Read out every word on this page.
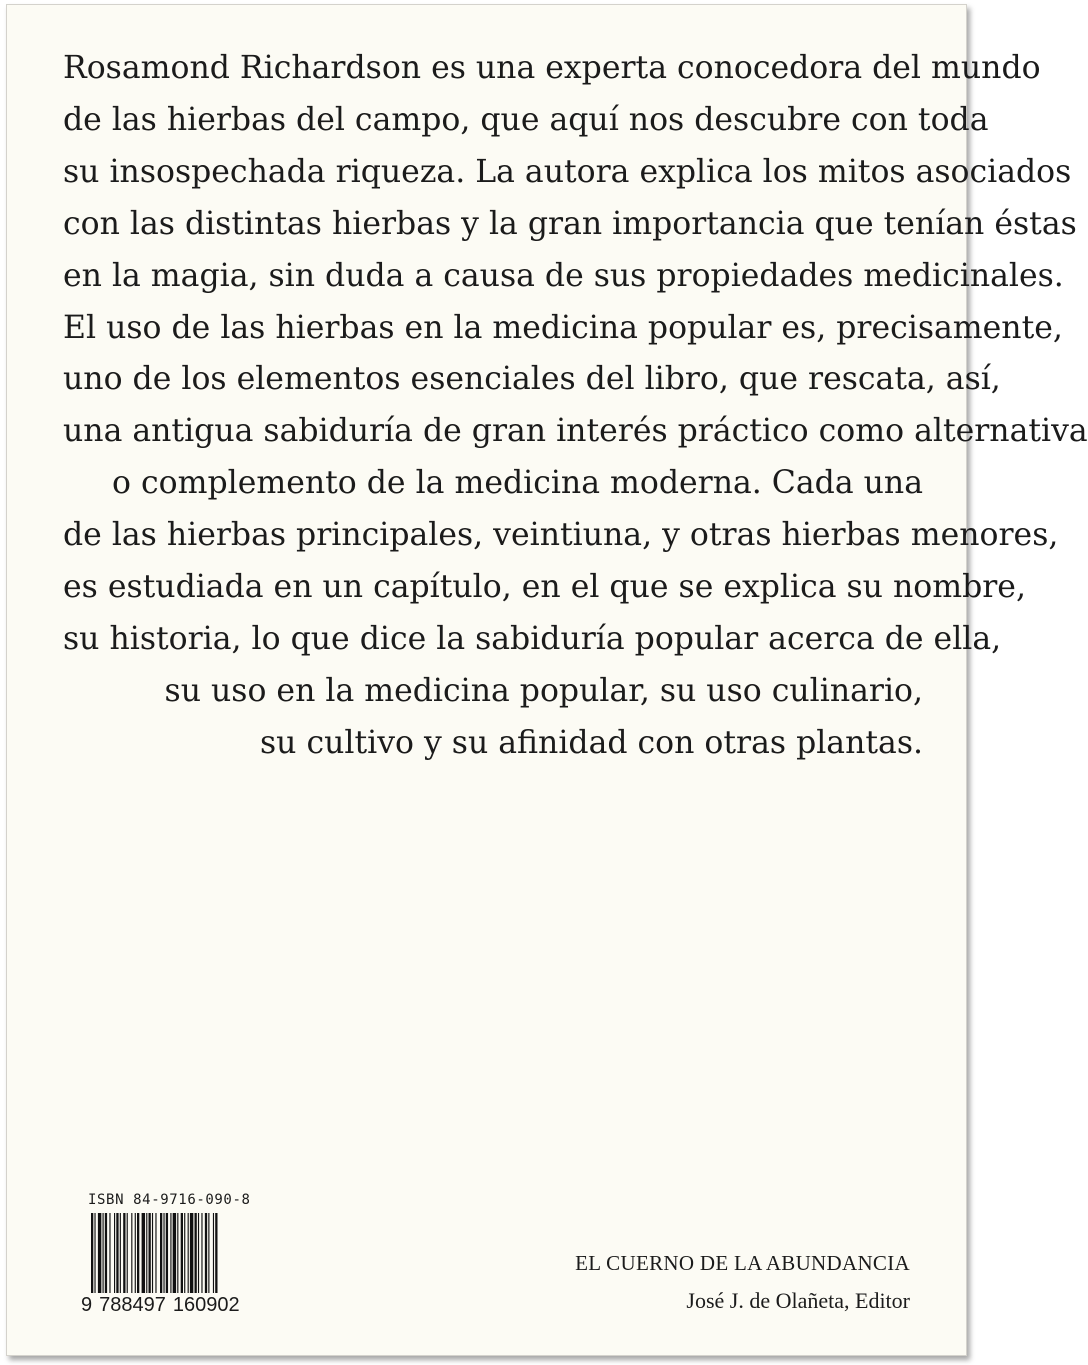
Rosamond Richardson es una experta conocedora del mundo
de las hierbas del campo, que aquí nos descubre con toda
su insospechada riqueza. La autora explica los mitos asociados
con las distintas hierbas y la gran importancia que tenían éstas
en la magia, sin duda a causa de sus propiedades medicinales.
El uso de las hierbas en la medicina popular es, precisamente,
uno de los elementos esenciales del libro, que rescata, así,
una antigua sabiduría de gran interés práctico como alternativa
o complemento de la medicina moderna. Cada una
de las hierbas principales, veintiuna, y otras hierbas menores,
es estudiada en un capítulo, en el que se explica su nombre,
su historia, lo que dice la sabiduría popular acerca de ella,
su uso en la medicina popular, su uso culinario,
su cultivo y su afinidad con otras plantas.

ISBN 84-9716-090-8
9 788497 160902
EL CUERNO DE LA ABUNDANCIA
José J. de Olañeta, Editor
